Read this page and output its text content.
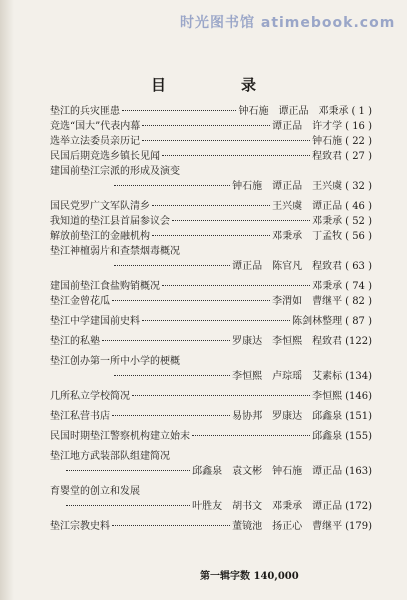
时光图书馆 atimebook.com
目　录
垫江的兵灾匪患	钟石施　谭正品　邓秉承 ( 1 )
竞选“国大”代表内幕	谭正品　许才学 ( 16 )
选举立法委员亲历记	钟石施 ( 22 )
民国后期竞选乡镇长见闻	程致君 ( 27 )
建国前垫江宗派的形成及演变
钟石施　谭正品　王兴虞 ( 32 )
国民党罗广文军队清乡	王兴虞　谭正品 ( 46 )
我知道的垫江县首届参议会	邓秉承 ( 52 )
解放前垫江的金融机构	邓秉承　丁孟牧 ( 56 )
垫江神檀弱片和查禁烟毒概况
谭正品　陈官凡　程致君 ( 63 )
建国前垫江食盐购销概况	邓秉承 ( 74 )
垫江金曾花瓜	李渭如　曹继平 ( 82 )
垫江中学建国前史料	陈剑林整理 ( 87 )
垫江的私塾	罗康达　李恒熙　程致君 (122)
垫江创办第一所中小学的梗概
李恒熙　卢琮瑶　艾素标 (134)
几所私立学校简况	李恒熙 (146)
垫江私营书店	易协邦　罗康达　邱鑫泉 (151)
民国时期垫江警察机构建立始末	邱鑫泉 (155)
垫江地方武装部队组建简况
邱鑫泉　袁文彬　钟石施　谭正品 (163)
育婴堂的创立和发展
叶胜友　胡书文　邓秉承　谭正品 (172)
垫江宗教史料	董镜池　扬正心　曹继平 (179)
第一辑字数 140,000
